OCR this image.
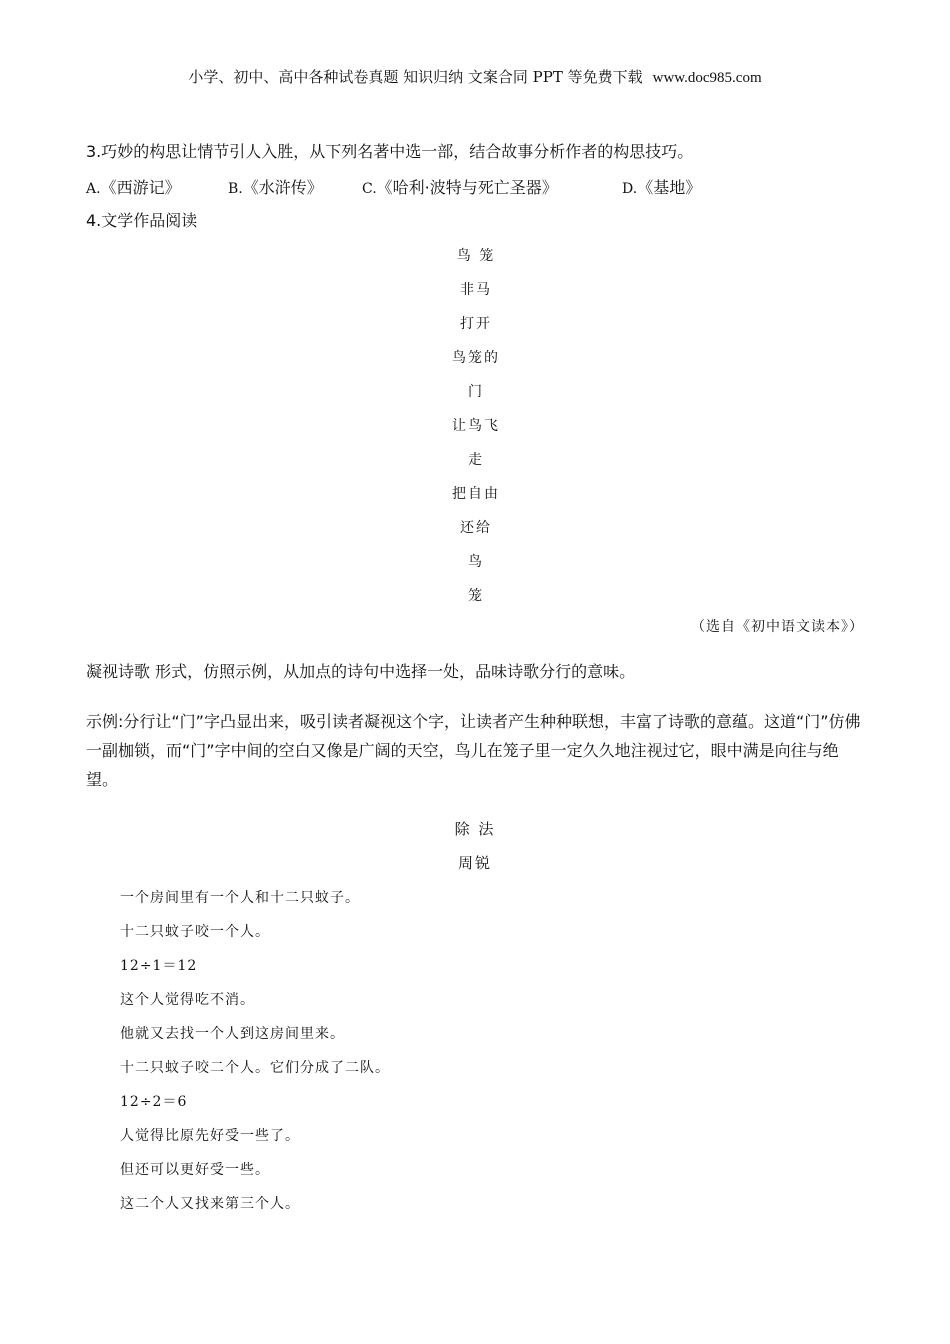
小学、初中、高中各种试卷真题 知识归纳 文案合同 PPT 等免费下载 www.doc985.com
3.巧妙的构思让情节引人入胜，从下列名著中选一部，结合故事分析作者的构思技巧。
A.《西游记》	B.《水浒传》	C.《哈利·波特与死亡圣器》	D.《基地》
4.文学作品阅读
鸟 笼
非马
打开
鸟笼的
门
让鸟飞
走
把自由
还给
鸟
笼
（选自《初中语文读本》）
凝视诗歌 形式，仿照示例，从加点的诗句中选择一处，品味诗歌分行的意味。

示例:分行让“门”字凸显出来，吸引读者凝视这个字，让读者产生种种联想，丰富了诗歌的意蕴。这道“门”仿佛一副枷锁，而“门”字中间的空白又像是广阔的天空，鸟儿在笼子里一定久久地注视过它，眼中满是向往与绝望。

除 法
周锐
一个房间里有一个人和十二只蚊子。
十二只蚊子咬一个人。
12÷1＝12
这个人觉得吃不消。
他就又去找一个人到这房间里来。
十二只蚊子咬二个人。它们分成了二队。
12÷2＝6
人觉得比原先好受一些了。
但还可以更好受一些。
这二个人又找来第三个人。
